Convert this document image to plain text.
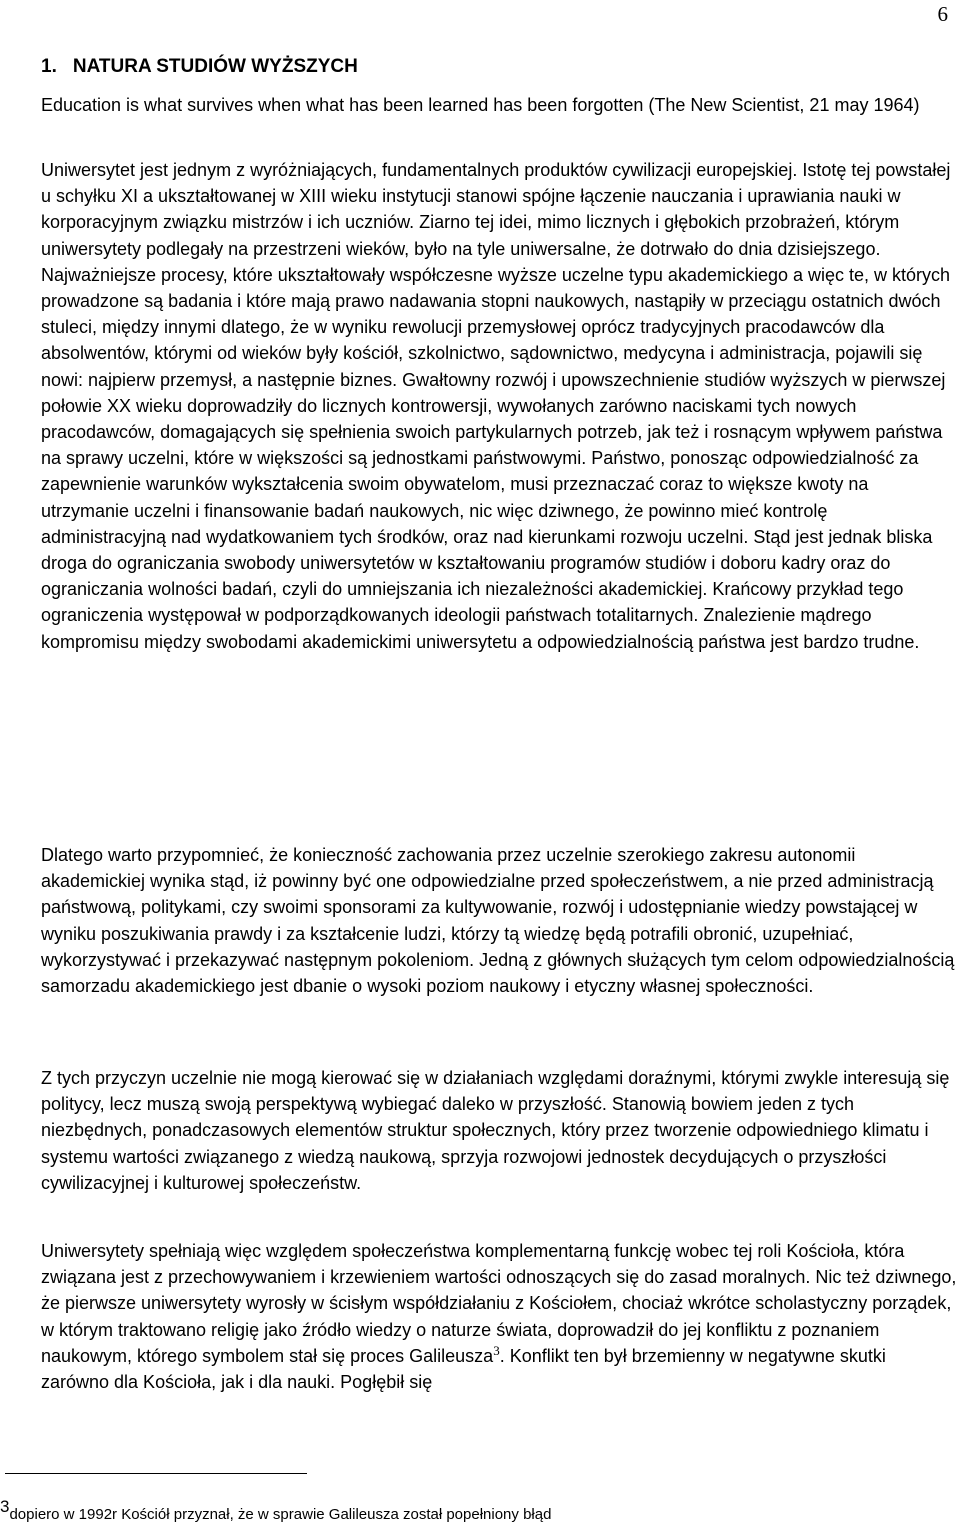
6
1. NATURA STUDIÓW WYŻSZYCH

Education is what survives when what has been learned has been forgotten (The New Scientist, 21 may 1964)

Uniwersytet jest jednym z wyróżniających, fundamentalnych produktów cywilizacji europejskiej. Istotę tej powstałej u schyłku XI a ukształtowanej w XIII wieku instytucji stanowi spójne łączenie nauczania i uprawiania nauki w korporacyjnym związku mistrzów i ich uczniów. Ziarno tej idei, mimo licznych i głębokich przobrażeń, którym uniwersytety podlegały na przestrzeni wieków, było na tyle uniwersalne, że dotrwało do dnia dzisiejszego. Najważniejsze procesy, które ukształtowały współczesne wyższe uczelne typu akademickiego a więc te, w których prowadzone są badania i które mają prawo nadawania stopni naukowych, nastąpiły w przeciągu ostatnich dwóch stuleci, między innymi dlatego, że w wyniku rewolucji przemysłowej oprócz tradycyjnych pracodawców dla absolwentów, którymi od wieków były kościół, szkolnictwo, sądownictwo, medycyna i administracja, pojawili się nowi: najpierw przemysł, a następnie biznes. Gwałtowny rozwój i upowszechnienie studiów wyższych w pierwszej połowie XX wieku doprowadziły do licznych kontrowersji, wywołanych zarówno naciskami tych nowych pracodawców, domagających się spełnienia swoich partykularnych potrzeb, jak też i rosnącym wpływem państwa na sprawy uczelni, które w większości są jednostkami państwowymi. Państwo, ponosząc odpowiedzialność za zapewnienie warunków wykształcenia swoim obywatelom, musi przeznaczać coraz to większe kwoty na utrzymanie uczelni i finansowanie badań naukowych, nic więc dziwnego, że powinno mieć kontrolę administracyjną nad wydatkowaniem tych środków, oraz nad kierunkami rozwoju uczelni. Stąd jest jednak bliska droga do ograniczania swobody uniwersytetów w kształtowaniu programów studiów i doboru kadry oraz do ograniczania wolności badań, czyli do umniejszania ich niezależności akademickiej. Krańcowy przykład tego ograniczenia występował w podporządkowanych ideologii państwach totalitarnych. Znalezienie mądrego kompromisu między swobodami akademickimi uniwersytetu a odpowiedzialnością państwa jest bardzo trudne.

Dlatego warto przypomnieć, że konieczność zachowania przez uczelnie szerokiego zakresu autonomii akademickiej wynika stąd, iż powinny być one odpowiedzialne przed społeczeństwem, a nie przed administracją państwową, politykami, czy swoimi sponsorami za kultywowanie, rozwój i udostępnianie wiedzy powstającej w wyniku poszukiwania prawdy i za kształcenie ludzi, którzy tą wiedzę będą potrafili obronić, uzupełniać, wykorzystywać i przekazywać następnym pokoleniom. Jedną z głównych służących tym celom odpowiedzialnością samorzadu akademickiego jest dbanie o wysoki poziom naukowy i etyczny własnej społeczności.

Z tych przyczyn uczelnie nie mogą kierować się w działaniach względami doraźnymi, którymi zwykle interesują się politycy, lecz muszą swoją perspektywą wybiegać daleko w przyszłość. Stanowią bowiem jeden z tych niezbędnych, ponadczasowych elementów struktur społecznych, który przez tworzenie odpowiedniego klimatu i systemu wartości związanego z wiedzą naukową, sprzyja rozwojowi jednostek decydujących o przyszłości cywilizacyjnej i kulturowej społeczeństw.

Uniwersytety spełniają więc względem społeczeństwa komplementarną funkcję wobec tej roli Kościoła, która związana jest z przechowywaniem i krzewieniem wartości odnoszących się do zasad moralnych. Nic też dziwnego, że pierwsze uniwersytety wyrosły w ścisłym współdziałaniu z Kościołem, chociaż wkrótce scholastyczny porządek, w którym traktowano religię jako źródło wiedzy o naturze świata, doprowadził do jej konfliktu z poznaniem naukowym, którego symbolem stał się proces Galileusza$^3$. Konflikt ten był brzemienny w negatywne skutki zarówno dla Kościoła, jak i dla nauki. Pogłębił się

3dopiero w 1992r Kościół przyznał, że w sprawie Galileusza został popełniony błąd
